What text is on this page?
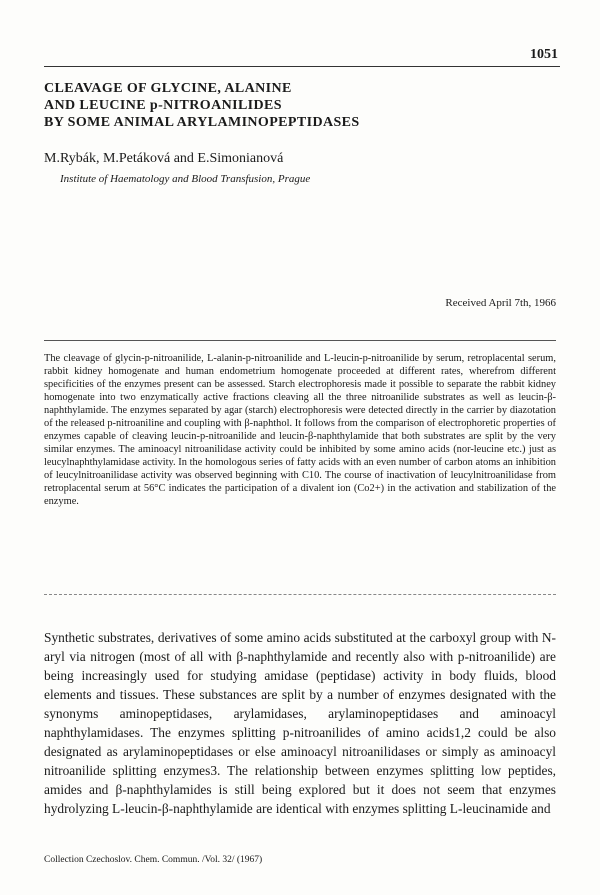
1051
CLEAVAGE OF GLYCINE, ALANINE
AND LEUCINE p-NITROANILIDES
BY SOME ANIMAL ARYLAMINOPEPTIDASES
M.Rybák, M.Petáková and E.Simonianová
Institute of Haematology and Blood Transfusion, Prague
Received April 7th, 1966

The cleavage of glycin-p-nitroanilide, L-alanin-p-nitroanilide and L-leucin-p-nitroanilide by serum, retroplacental serum, rabbit kidney homogenate and human endometrium homogenate proceeded at different rates, wherefrom different specificities of the enzymes present can be assessed. Starch electrophoresis made it possible to separate the rabbit kidney homogenate into two enzymatically active fractions cleaving all the three nitroanilide substrates as well as leucin-β-naphthylamide. The enzymes separated by agar (starch) electrophoresis were detected directly in the carrier by diazotation of the released p-nitroaniline and coupling with β-naphthol. It follows from the comparison of electrophoretic properties of enzymes capable of cleaving leucin-p-nitroanilide and leucin-β-naphthylamide that both substrates are split by the very similar enzymes. The aminoacyl nitroanilidase activity could be inhibited by some amino acids (nor-leucine etc.) just as leucylnaphthylamidase activity. In the homologous series of fatty acids with an even number of carbon atoms an inhibition of leucylnitroanilidase activity was observed beginning with C10. The course of inactivation of leucylnitroanilidase from retroplacental serum at 56°C indicates the participation of a divalent ion (Co2+) in the activation and stabilization of the enzyme.

Synthetic substrates, derivatives of some amino acids substituted at the carboxyl group with N-aryl via nitrogen (most of all with β-naphthylamide and recently also with p-nitroanilide) are being increasingly used for studying amidase (peptidase) activity in body fluids, blood elements and tissues. These substances are split by a number of enzymes designated with the synonyms aminopeptidases, arylamidases, arylaminopeptidases and aminoacyl naphthylamidases. The enzymes splitting p-nitroanilides of amino acids1,2 could be also designated as arylaminopeptidases or else aminoacyl nitroanilidases or simply as aminoacyl nitroanilide splitting enzymes3. The relationship between enzymes splitting low peptides, amides and β-naphthylamides is still being explored but it does not seem that enzymes hydrolyzing L-leucin-β-naphthylamide are identical with enzymes splitting L-leucinamide and

Collection Czechoslov. Chem. Commun. /Vol. 32/ (1967)
